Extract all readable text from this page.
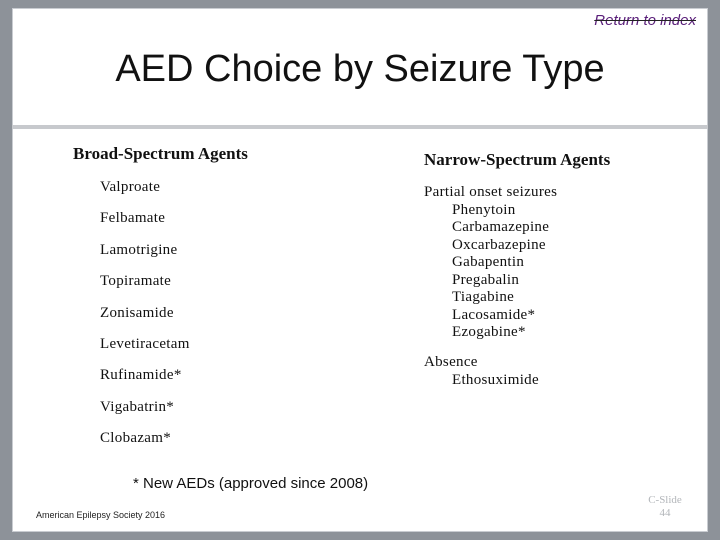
Return to index
AED Choice by Seizure Type
Broad-Spectrum Agents
Valproate
Felbamate
Lamotrigine
Topiramate
Zonisamide
Levetiracetam
Rufinamide*
Vigabatrin*
Clobazam*
Narrow-Spectrum Agents
Partial onset seizures
Phenytoin
Carbamazepine
Oxcarbazepine
Gabapentin
Pregabalin
Tiagabine
Lacosamide*
Ezogabine*
Absence
Ethosuximide
* New AEDs (approved since 2008)
American Epilepsy Society 2016
C-Slide
44
